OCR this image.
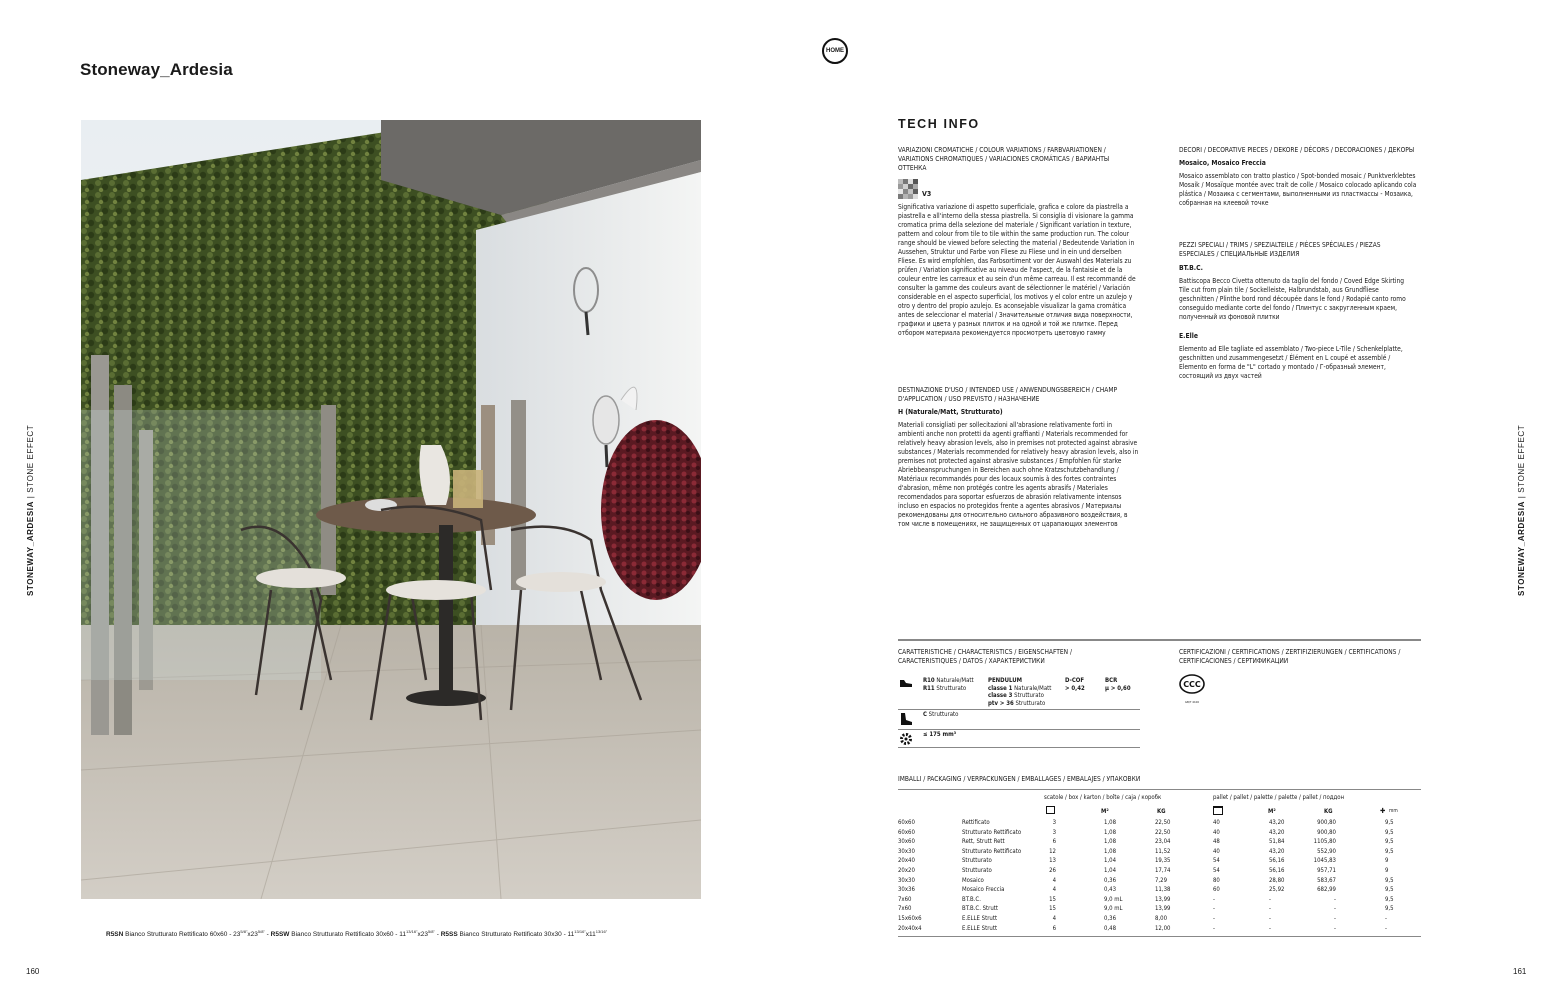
Stoneway_Ardesia
HOME
R5SN Bianco Strutturato Rettificato $60x60 - 23^{5/8"}x23^{5/8"} - R5SW$ Bianco Strutturato Rettificato $30x60 - 11^{13/16"}x23^{5/8"} - R5SS$ Bianco Strutturato Rettificato $30x30 - 11^{13/16"}x11^{13/16"}$
STONEWAY_ARDESIA | STONE EFFECT
160
TECH INFO
VARIAZIONI CROMATICHE / COLOUR VARIATIONS / FARBVARIATIONEN / VARIATIONS CHROMATIQUES / VARIACIONES CROMÁTICAS / ВАРИАНТЫ ОТТЕНКА
V3

Significativa variazione di aspetto superficiale, grafica e colore da piastrella a piastrella e all'interno della stessa piastrella. Si consiglia di visionare la gamma cromatica prima della selezione del materiale / Significant variation in texture, pattern and colour from tile to tile within the same production run. The colour range should be viewed before selecting the material / Bedeutende Variation in Aussehen, Struktur und Farbe von Fliese zu Fliese und in ein und derselben Fliese. Es wird empfohlen, das Farbsortiment vor der Auswahl des Materials zu prüfen / Variation significative au niveau de l'aspect, de la fantaisie et de la couleur entre les carreaux et au sein d'un même carreau. Il est recommandé de consulter la gamme des couleurs avant de sélectionner le matériel / Variación considerable en el aspecto superficial, los motivos y el color entre un azulejo y otro y dentro del propio azulejo. Es aconsejable visualizar la gama cromática antes de seleccionar el material / Значительные отличия вида поверхности, графики и цвета у разных плиток и на одной и той же плитке. Перед отбором материала рекомендуется просмотреть цветовую гамму

DESTINAZIONE D'USO / INTENDED USE / ANWENDUNGSBEREICH / CHAMP D'APPLICATION / USO PREVISTO / НАЗНАЧЕНИЕ
H (Naturale/Matt, Strutturato)

Materiali consigliati per sollecitazioni all'abrasione relativamente forti in ambienti anche non protetti da agenti graffianti / Materials recommended for relatively heavy abrasion levels, also in premises not protected against abrasive substances / Materials recommended for relatively heavy abrasion levels, also in premises not protected against abrasive substances / Empfohlen für starke Abriebbeanspruchungen in Bereichen auch ohne Kratzschutzbehandlung / Matériaux recommandés pour des locaux soumis à des fortes contraintes d'abrasion, même non protégés contre les agents abrasifs / Materiales recomendados para soportar esfuerzos de abrasión relativamente intensos incluso en espacios no protegidos frente a agentes abrasivos / Материалы рекомендованы для относительно сильного абразивного воздействия, в том числе в помещениях, не защищенных от царапающих элементов

DECORI / DECORATIVE PIECES / DEKORE / DÉCORS / DECORACIONES / ДЕКОРЫ
Mosaico, Mosaico Freccia

Mosaico assemblato con tratto plastico / Spot-bonded mosaic / Punktverklebtes Mosaik / Mosaïque montée avec trait de colle / Mosaico colocado aplicando cola plástica / Мозаика с сегментами, выполненными из пластмассы - Мозаика, собранная на клеевой точке

PEZZI SPECIALI / TRIMS / SPEZIALTEILE / PIÈCES SPÉCIALES / PIEZAS ESPECIALES / СПЕЦИАЛЬНЫЕ ИЗДЕЛИЯ
BT.B.C.

Battiscopa Becco Civetta ottenuto da taglio del fondo / Coved Edge Skirting Tile cut from plain tile / Sockelleiste, Halbrundstab, aus Grundfliese geschnitten / Plinthe bord rond découpée dans le fond / Rodapié canto romo conseguido mediante corte del fondo / Плинтус с закругленным краем, полученный из фоновой плитки

E.Elle

Elemento ad Elle tagliate ed assemblato / Two-piece L-Tile / Schenkelplatte, geschnitten und zusammengesetzt / Élément en L coupé et assemblé / Elemento en forma de "L" cortado y montado / Г-образный элемент, состоящий из двух частей

CARATTERISTICHE / CHARACTERISTICS / EIGENSCHAFTEN / CARACTERISTIQUES / DATOS / ХАРАКТЕРИСТИКИ
CERTIFICAZIONI / CERTIFICATIONS / ZERTIFIZIERUNGEN / CERTIFICATIONS / CERTIFICACIONES / СЕРТИФИКАЦИИ
R10 Naturale/Matt
R11 Strutturato
PENDULUM
classe 1 Naturale/Matt
classe 3 Strutturato
ptv > 36 Strutturato
D-COF
> 0,42
BCR
μ > 0,60
C Strutturato
≤ 175 mm³
CCC
GB/T 4100
IMBALLI / PACKAGING / VERPACKUNGEN / EMBALLAGES / EMBALAJES / УПАКОВКИ
scatole / box / karton / boîte / caja / коробк	pallet / pallet / palette / palette / pallet / поддон
M²	KG	M²	KG	✚ mm
60x60	Rettificato	3	1,08	22,50	40	43,20	900,80	9,5
60x60	Strutturato Rettificato	3	1,08	22,50	40	43,20	900,80	9,5
30x60	Rett, Strutt Rett	6	1,08	23,04	48	51,84	1105,80	9,5
30x30	Strutturato Rettificato	12	1,08	11,52	40	43,20	552,90	9,5
20x40	Strutturato	13	1,04	19,35	54	56,16	1045,83	9
20x20	Strutturato	26	1,04	17,74	54	56,16	957,71	9
30x30	Mosaico	4	0,36	7,29	80	28,80	583,67	9,5
30x36	Mosaico Freccia	4	0,43	11,38	60	25,92	682,99	9,5
7x60	BT.B.C.	15	9,0 mL	13,99	-	-	-	9,5
7x60	BT.B.C. Strutt	15	9,0 mL	13,99	-	-	-	9,5
15x60x6	E.ELLE Strutt	4	0,36	8,00	-	-	-	-
20x40x4	E.ELLE Strutt	6	0,48	12,00	-	-	-	-
STONEWAY_ARDESIA | STONE EFFECT
161
